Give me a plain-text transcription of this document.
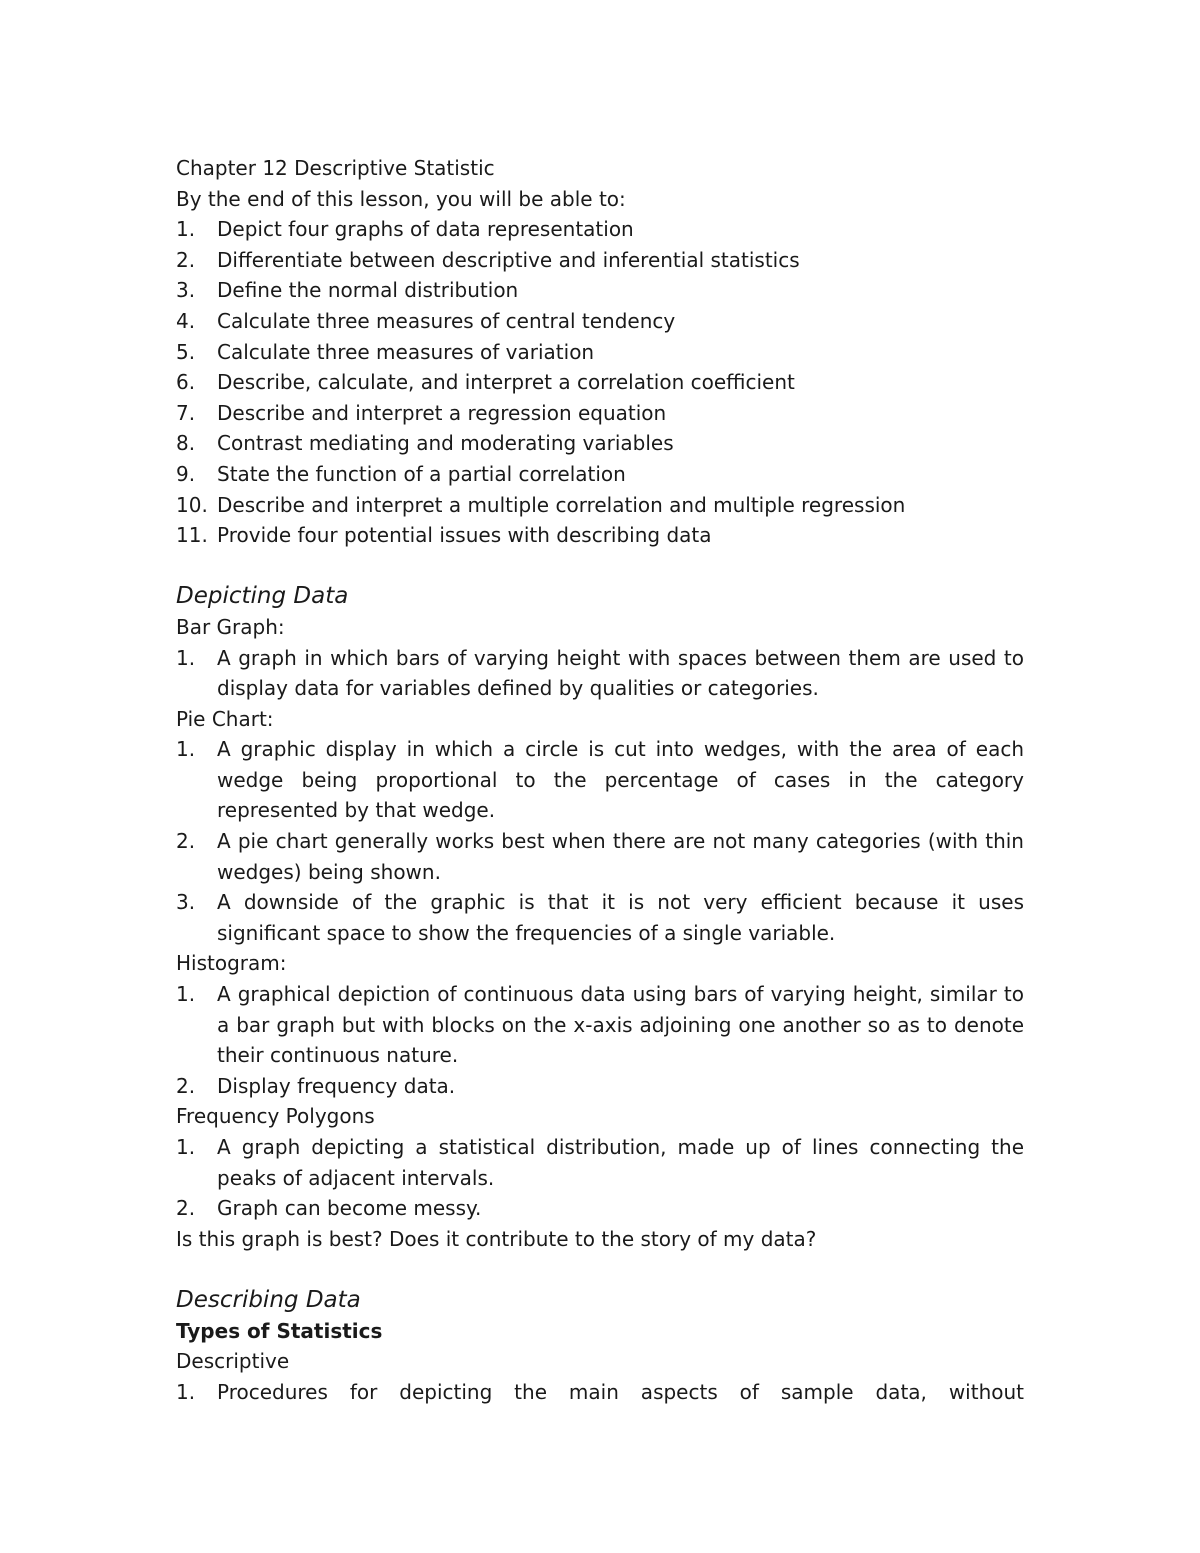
Chapter 12 Descriptive Statistic

By the end of this lesson, you will be able to:

1.	Depict four graphs of data representation
2.	Differentiate between descriptive and inferential statistics
3.	Define the normal distribution
4.	Calculate three measures of central tendency
5.	Calculate three measures of variation
6.	Describe, calculate, and interpret a correlation coefficient
7.	Describe and interpret a regression equation
8.	Contrast mediating and moderating variables
9.	State the function of a partial correlation
10. Describe and interpret a multiple correlation and multiple regression
11. Provide four potential issues with describing data

Depicting Data

Bar Graph:

1.	A graph in which bars of varying height with spaces between them are used to display data for variables defined by qualities or categories.

Pie Chart:

1.	A graphic display in which a circle is cut into wedges, with the area of each wedge being proportional to the percentage of cases in the category represented by that wedge.
2.	A pie chart generally works best when there are not many categories (with thin wedges) being shown.
3.	A downside of the graphic is that it is not very efficient because it uses significant space to show the frequencies of a single variable.

Histogram:

1.	A graphical depiction of continuous data using bars of varying height, similar to a bar graph but with blocks on the x-axis adjoining one another so as to denote their continuous nature.
2.	Display frequency data.

Frequency Polygons

1.	A graph depicting a statistical distribution, made up of lines connecting the peaks of adjacent intervals.
2.	Graph can become messy.

Is this graph is best? Does it contribute to the story of my data?

Describing Data

Types of Statistics

Descriptive

1.	Procedures for depicting the main aspects of sample data, without
